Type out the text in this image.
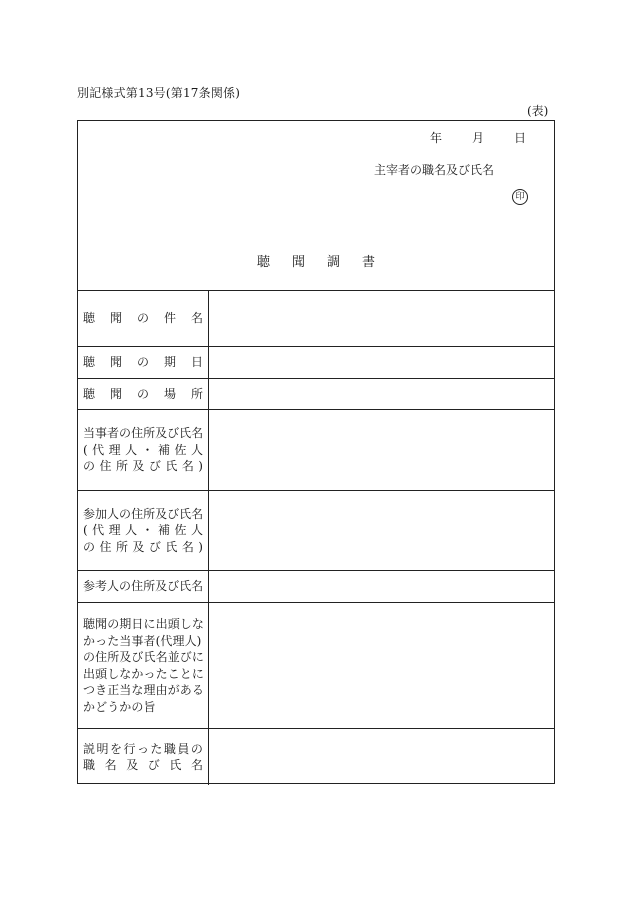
別記様式第13号(第17条関係)
(表)
年	月	日
主宰者の職名及び氏名
印
聴聞調書
聴 聞 の 件 名
聴 聞 の 期 日
聴 聞 の 場 所
当 事 者 の 住 所 及 び 氏 名
( 代 理 人 ・ 補 佐 人
の 住 所 及 び 氏 名 )
参 加 人 の 住 所 及 び 氏 名
( 代 理 人 ・ 補 佐 人
の 住 所 及 び 氏 名 )
参 考 人 の 住 所 及 び 氏 名
聴聞の期日に出頭しな
かった当事者(代理人)
の住所及び氏名並びに
出頭しなかったことに
つき正当な理由がある
かどうかの旨
説 明 を 行 っ た 職 員 の
職 名 及 び 氏 名
